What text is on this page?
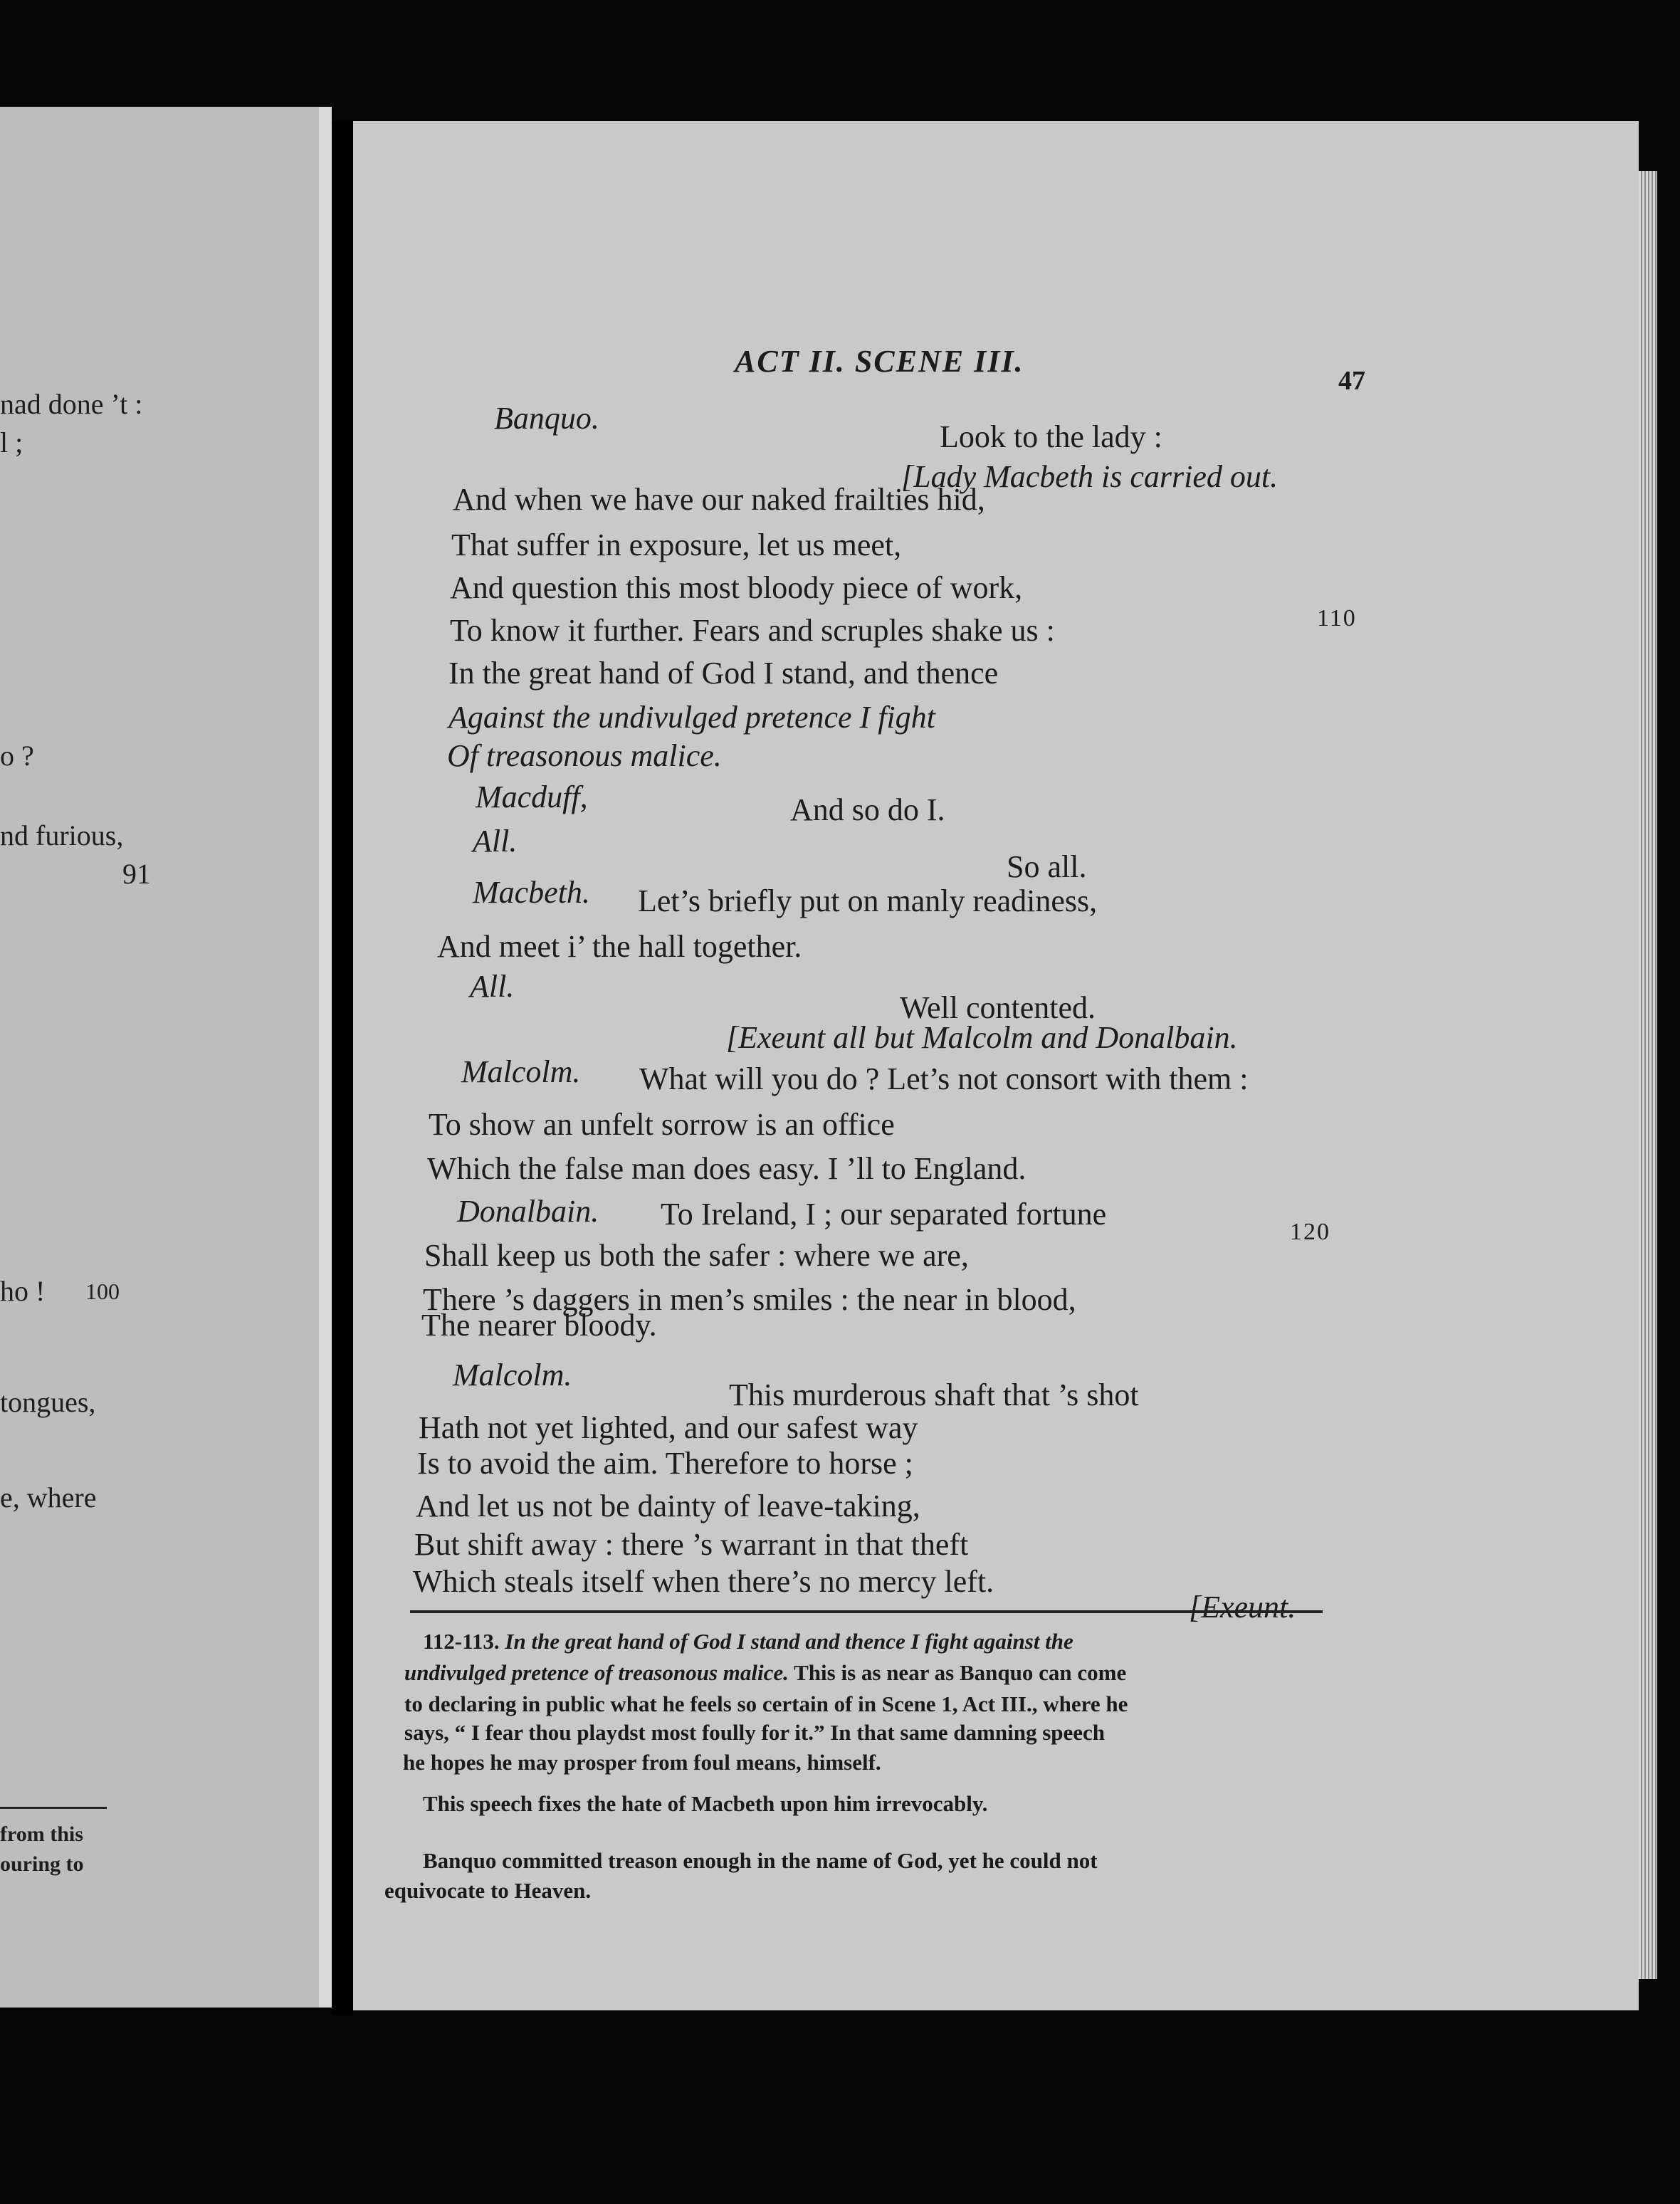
nad done ’t :
l ;
o ?
nd furious,
91
ho ! 100
tongues,
e, where
from this
ouring to
ACT II. SCENE III.
47
Banquo.
Look to the lady :
[Lady Macbeth is carried out.
And when we have our naked frailties hid,
That suffer in exposure, let us meet,
And question this most bloody piece of work,
To know it further. Fears and scruples shake us :	110
In the great hand of God I stand, and thence
Against the undivulged pretence I fight
Of treasonous malice.
Macduff,	And so do I.
All.
So all.
Macbeth. Let’s briefly put on manly readiness,
And meet i’ the hall together.
All.
Well contented.
[Exeunt all but Malcolm and Donalbain.
Malcolm. What will you do ? Let’s not consort with them :
To show an unfelt sorrow is an office
Which the false man does easy. I ’ll to England.
Donalbain. To Ireland, I ; our separated fortune
120
Shall keep us both the safer : where we are,
There ’s daggers in men’s smiles : the near in blood,
The nearer bloody.
Malcolm.
This murderous shaft that ’s shot
Hath not yet lighted, and our safest way
Is to avoid the aim. Therefore to horse ;
And let us not be dainty of leave-taking,
But shift away : there ’s warrant in that theft
Which steals itself when there’s no mercy left.
[Exeunt.
112-113. In the great hand of God I stand and thence I fight against the
undivulged pretence of treasonous malice. This is as near as Banquo can come
to declaring in public what he feels so certain of in Scene 1, Act III., where he
says, “ I fear thou playdst most foully for it.” In that same damning speech
he hopes he may prosper from foul means, himself.
This speech fixes the hate of Macbeth upon him irrevocably.
Banquo committed treason enough in the name of God, yet he could not
equivocate to Heaven.
